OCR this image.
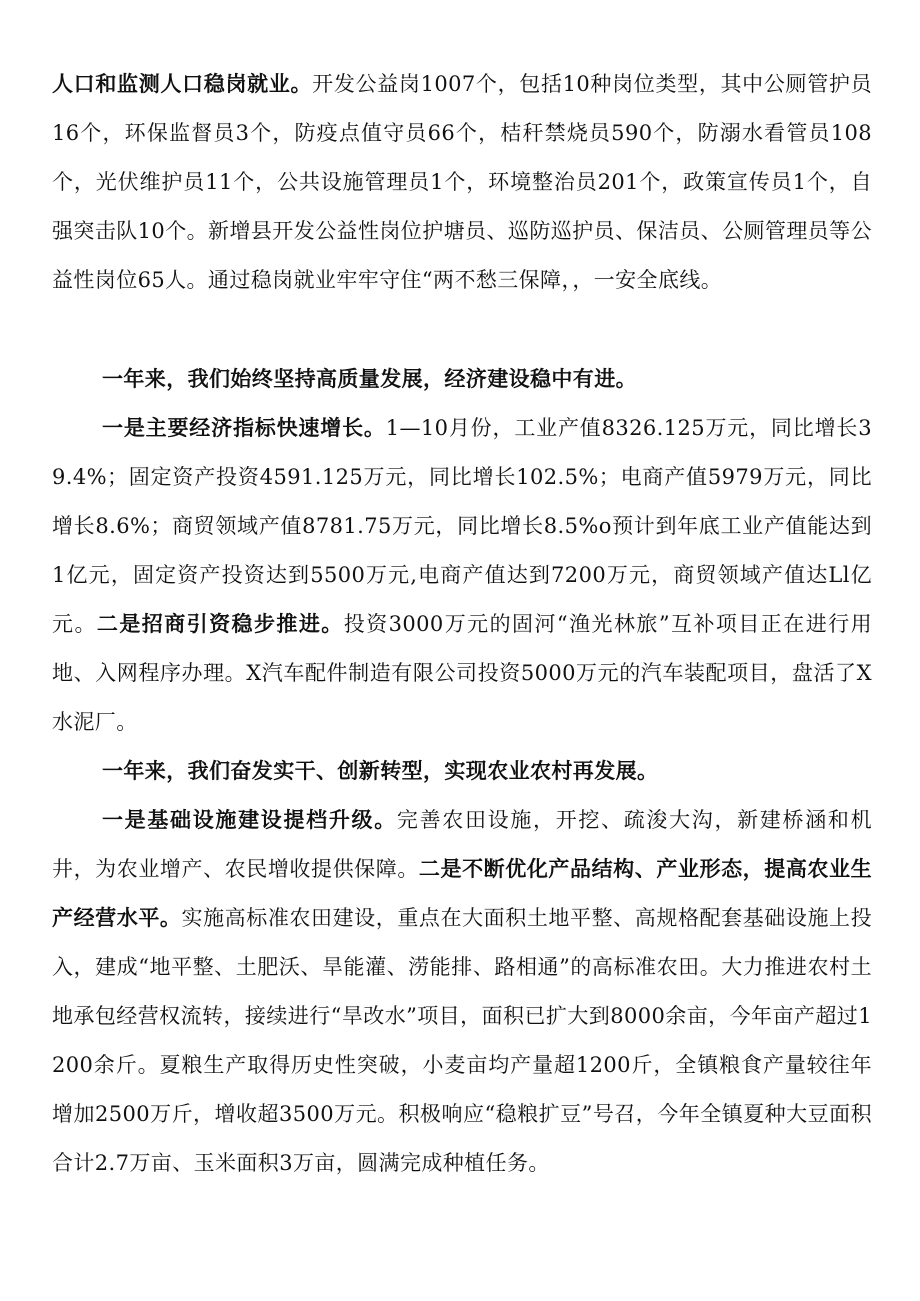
人口和监测人口稳岗就业。开发公益岗1007个，包括10种岗位类型，其中公厕管护员16个，环保监督员3个，防疫点值守员66个，桔秆禁烧员590个，防溺水看管员108个，光伏维护员11个，公共设施管理员1个，环境整治员201个，政策宣传员1个，自强突击队10个。新增县开发公益性岗位护塘员、巡防巡护员、保洁员、公厕管理员等公益性岗位65人。通过稳岗就业牢牢守住“两不愁三保障，，一安全底线。

一年来，我们始终坚持高质量发展，经济建设稳中有进。

一是主要经济指标快速增长。1—10月份，工业产值8326.125万元，同比增长39.4%；固定资产投资4591.125万元，同比增长102.5%；电商产值5979万元，同比增长8.6%；商贸领域产值8781.75万元，同比增长8.5%o预计到年底工业产值能达到1亿元，固定资产投资达到5500万元,电商产值达到7200万元，商贸领域产值达Ll亿元。二是招商引资稳步推进。投资3000万元的固河“渔光林旅”互补项目正在进行用地、入网程序办理。X汽车配件制造有限公司投资5000万元的汽车装配项目，盘活了X水泥厂。

一年来，我们奋发实干、创新转型，实现农业农村再发展。

一是基础设施建设提档升级。完善农田设施，开挖、疏浚大沟，新建桥涵和机井，为农业增产、农民增收提供保障。二是不断优化产品结构、产业形态，提高农业生产经营水平。实施高标准农田建设，重点在大面积土地平整、高规格配套基础设施上投入，建成“地平整、土肥沃、旱能灌、涝能排、路相通”的高标准农田。大力推进农村土地承包经营权流转，接续进行“旱改水”项目，面积已扩大到8000余亩，今年亩产超过1200余斤。夏粮生产取得历史性突破，小麦亩均产量超1200斤，全镇粮食产量较往年增加2500万斤，增收超3500万元。积极响应“稳粮扩豆”号召，今年全镇夏种大豆面积合计2.7万亩、玉米面积3万亩，圆满完成种植任务。
